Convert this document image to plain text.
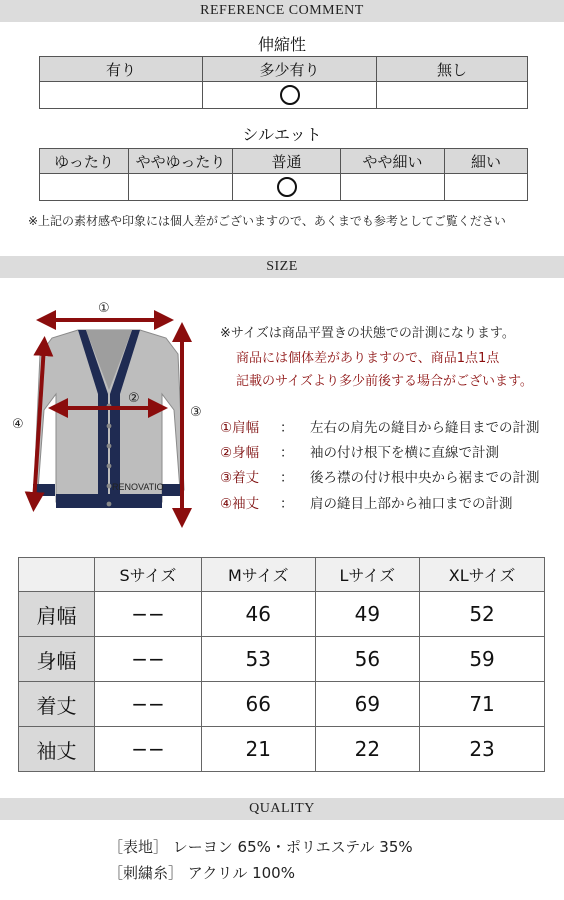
REFERENCE COMMENT
伸縮性
有り	多少有り	無し

シルエット
ゆったり	ややゆったり	普通	やや細い	細い

※上記の素材感や印象には個人差がございますので、あくまでも参考としてご覧ください
SIZE
RENOVATIO
①
②
③
④
※サイズは商品平置きの状態での計測になります。
商品には個体差がありますので、商品1点1点
記載のサイズより多少前後する場合がございます。
①肩幅 ： 左右の肩先の縫目から縫目までの計測
②身幅 ： 袖の付け根下を横に直線で計測
③着丈 ： 後ろ襟の付け根中央から裾までの計測
④袖丈 ： 肩の縫目上部から袖口までの計測
	Sサイズ	Mサイズ	Lサイズ	XLサイズ
肩幅	−−	46	49	52
身幅	−−	53	56	59
着丈	−−	66	69	71
袖丈	−−	21	22	23
QUALITY
［表地］ レーヨン 65%・ポリエステル 35%
［刺繍糸］ アクリル 100%
